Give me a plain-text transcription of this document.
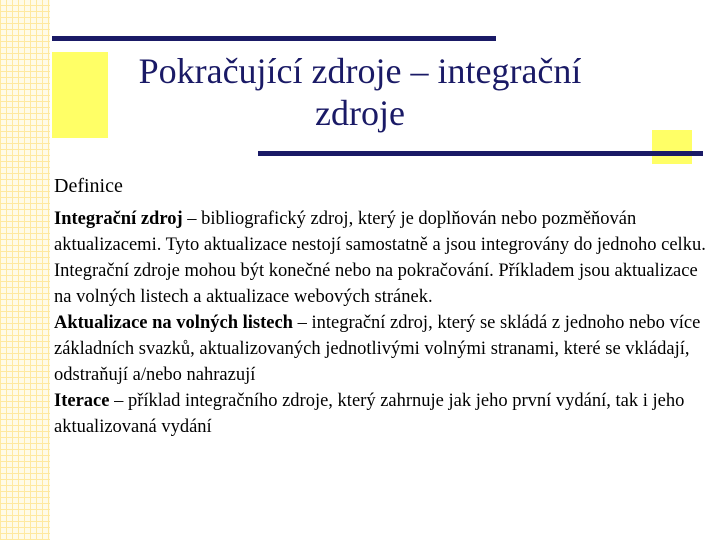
Pokračující zdroje – integrační zdroje

Definice

Integrační zdroj – bibliografický zdroj, který je doplňován nebo pozměňován aktualizacemi. Tyto aktualizace nestojí samostatně a jsou integrovány do jednoho celku. Integrační zdroje mohou být konečné nebo na pokračování. Příkladem jsou aktualizace na volných listech a aktualizace webových stránek.

Aktualizace na volných listech – integrační zdroj, který se skládá z jednoho nebo více základních svazků, aktualizovaných jednotlivými volnými stranami, které se vkládají, odstraňují a/nebo nahrazují

Iterace – příklad integračního zdroje, který zahrnuje jak jeho první vydání, tak i jeho aktualizovaná vydání
